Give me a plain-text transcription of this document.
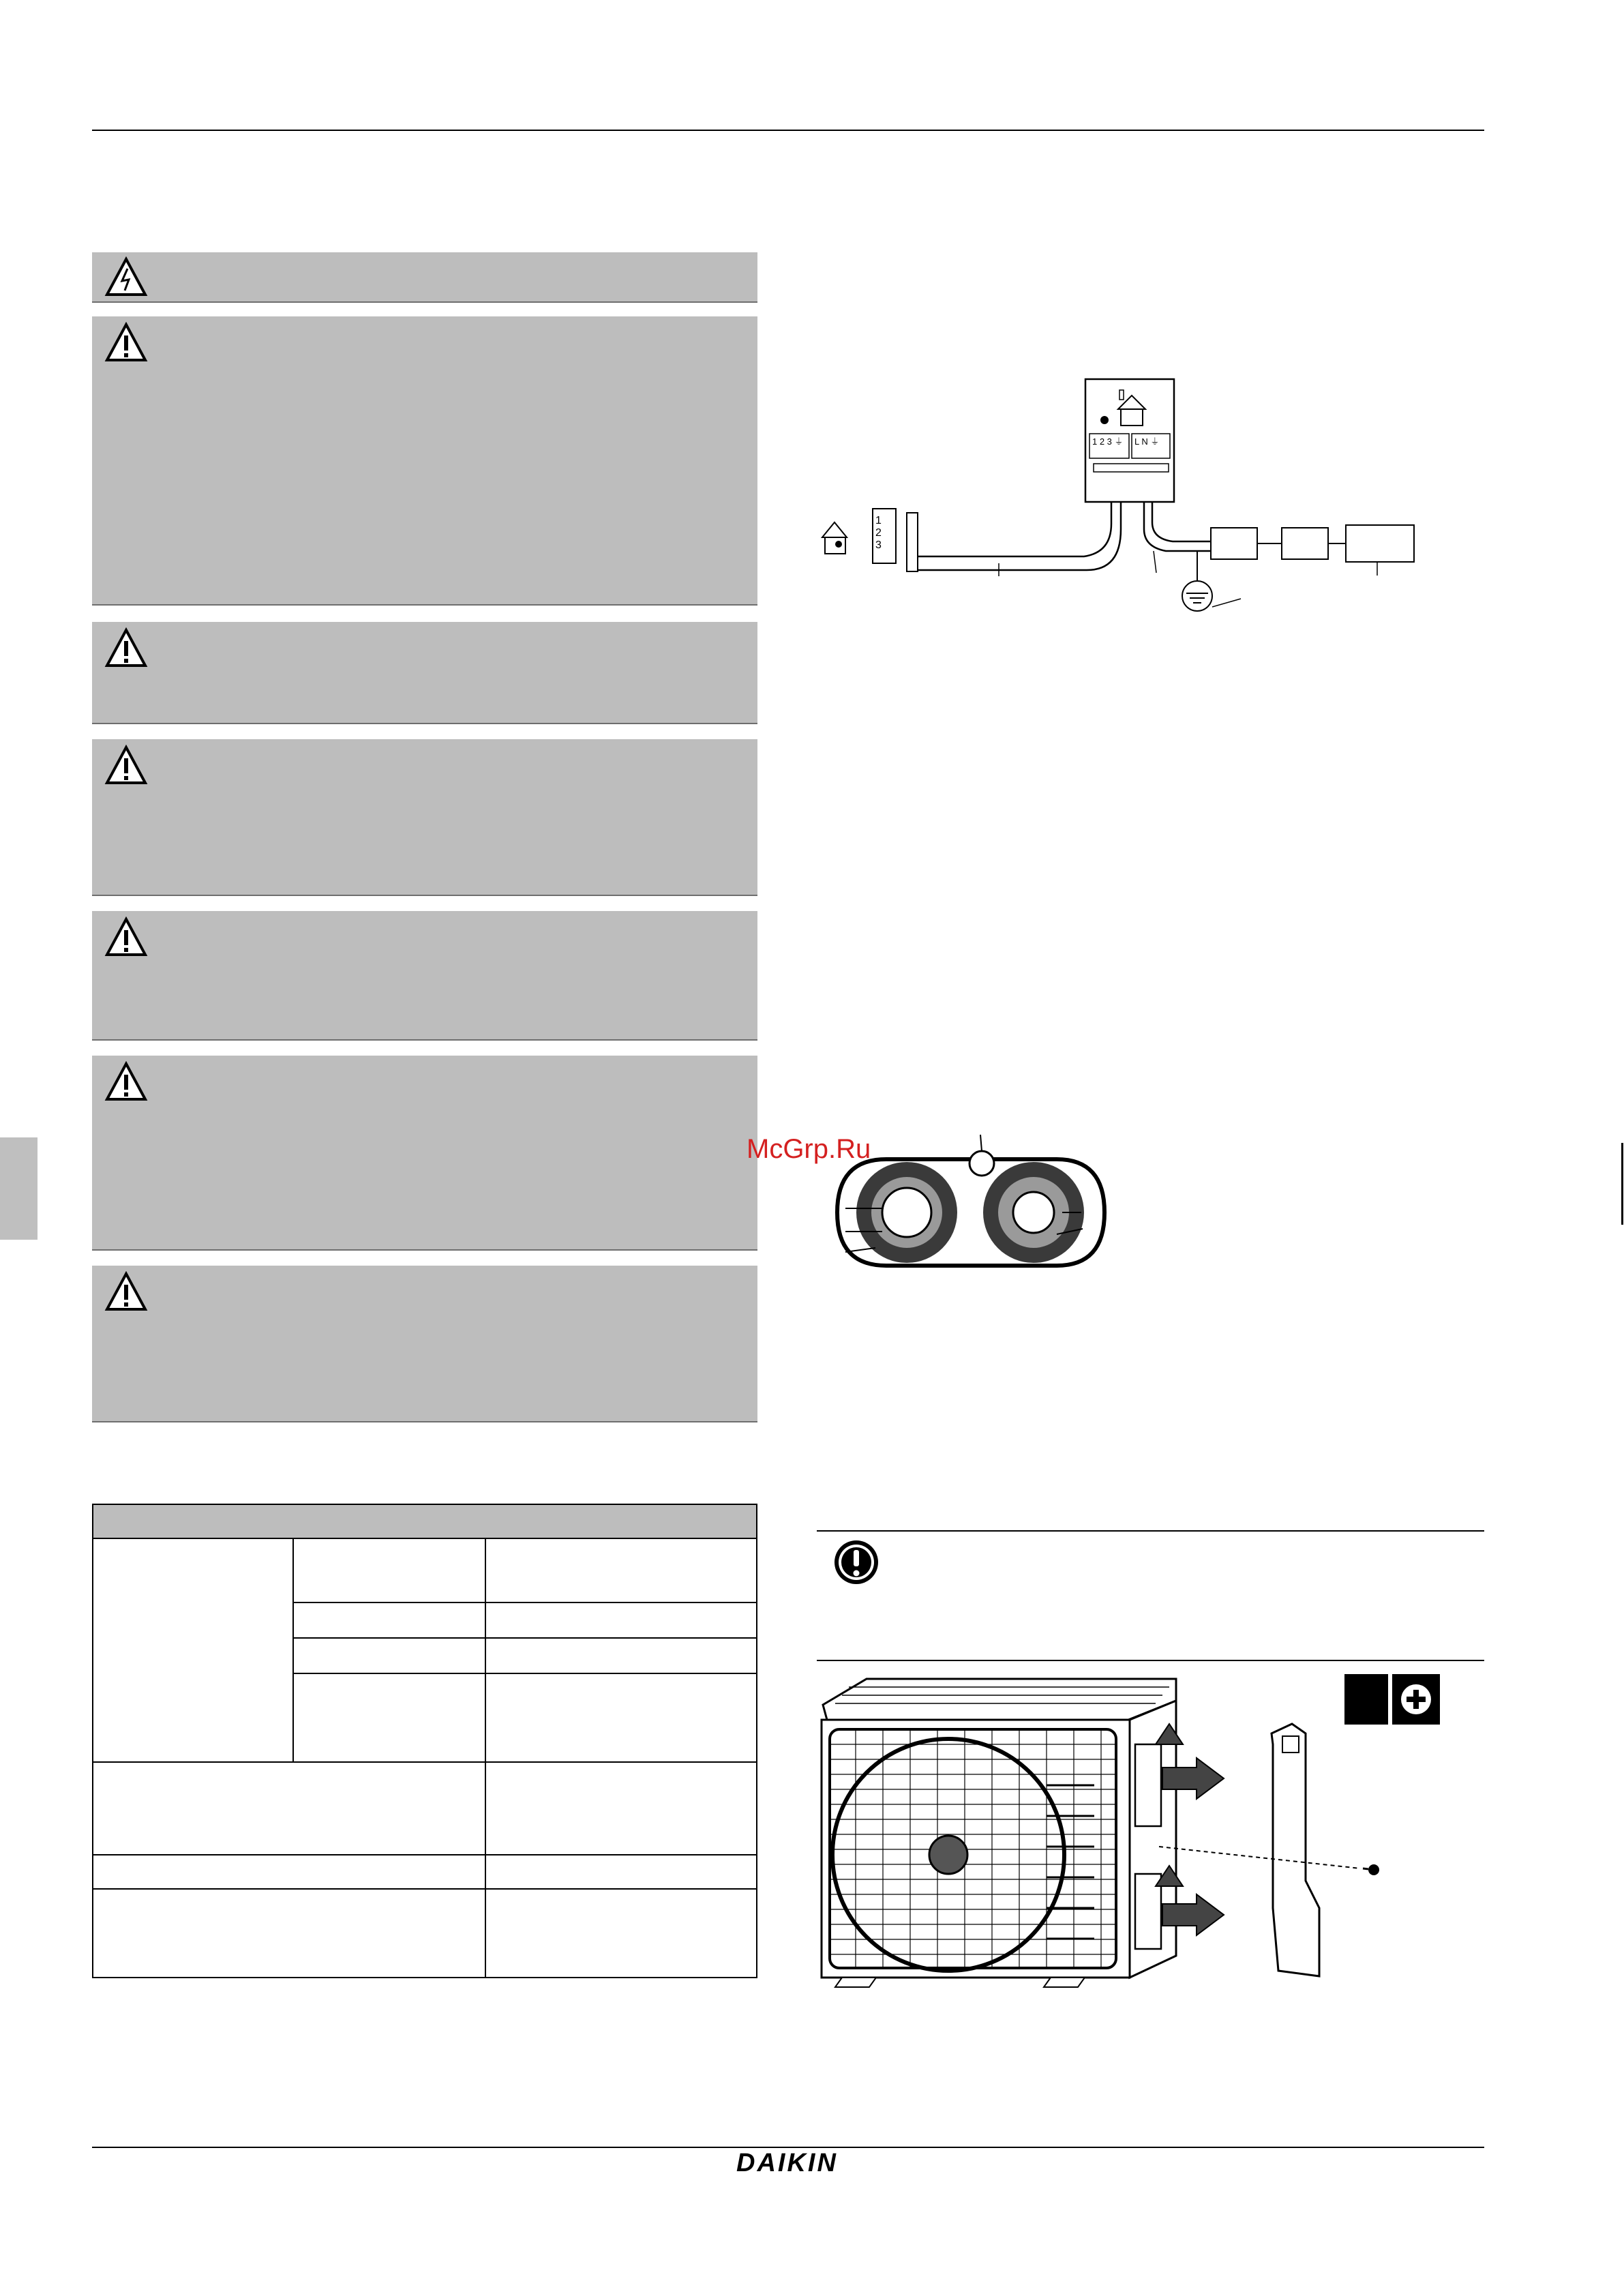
1 2 3 ⏚ L N ⏚
1
2
3
McGrp.Ru
DAIKIN
